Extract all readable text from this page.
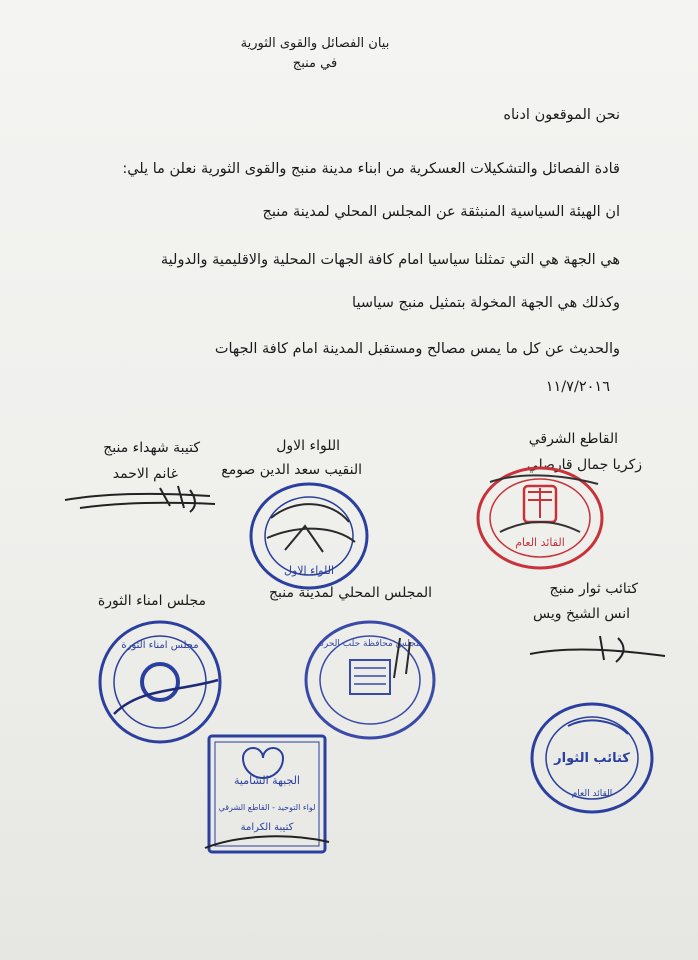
بيان الفصائل والقوى الثورية
في منبج
نحن الموقعون ادناه
قادة الفصائل والتشكيلات العسكرية من ابناء مدينة منبج والقوى الثورية نعلن ما يلي:
ان الهيئة السياسية المنبثقة عن المجلس المحلي لمدينة منبج
هي الجهة هي التي تمثلنا سياسيا امام كافة الجهات المحلية والاقليمية والدولية
وكذلك هي الجهة المخولة بتمثيل منبج سياسيا
والحديث عن كل ما يمس مصالح ومستقبل المدينة امام كافة الجهات
١١/٧/٢٠١٦
القاطع الشرقي
زكريا جمال قارصلي
اللواء الاول
النقيب سعد الدين صومع
كتيبة شهداء منبج
غانم الاحمد
كتائب ثوار منبج
انس الشيخ ويس
المجلس المحلي لمدينة منبج
مجلس امناء الثورة
القائد العام
اللواء الاول
مجلس امناء الثورة	مجلس محافظة حلب الحرة
كتائب الثوار
القائد العام
الجبهة الشامية
لواء التوحيد - القاطع الشرقي
كتيبة الكرامة
